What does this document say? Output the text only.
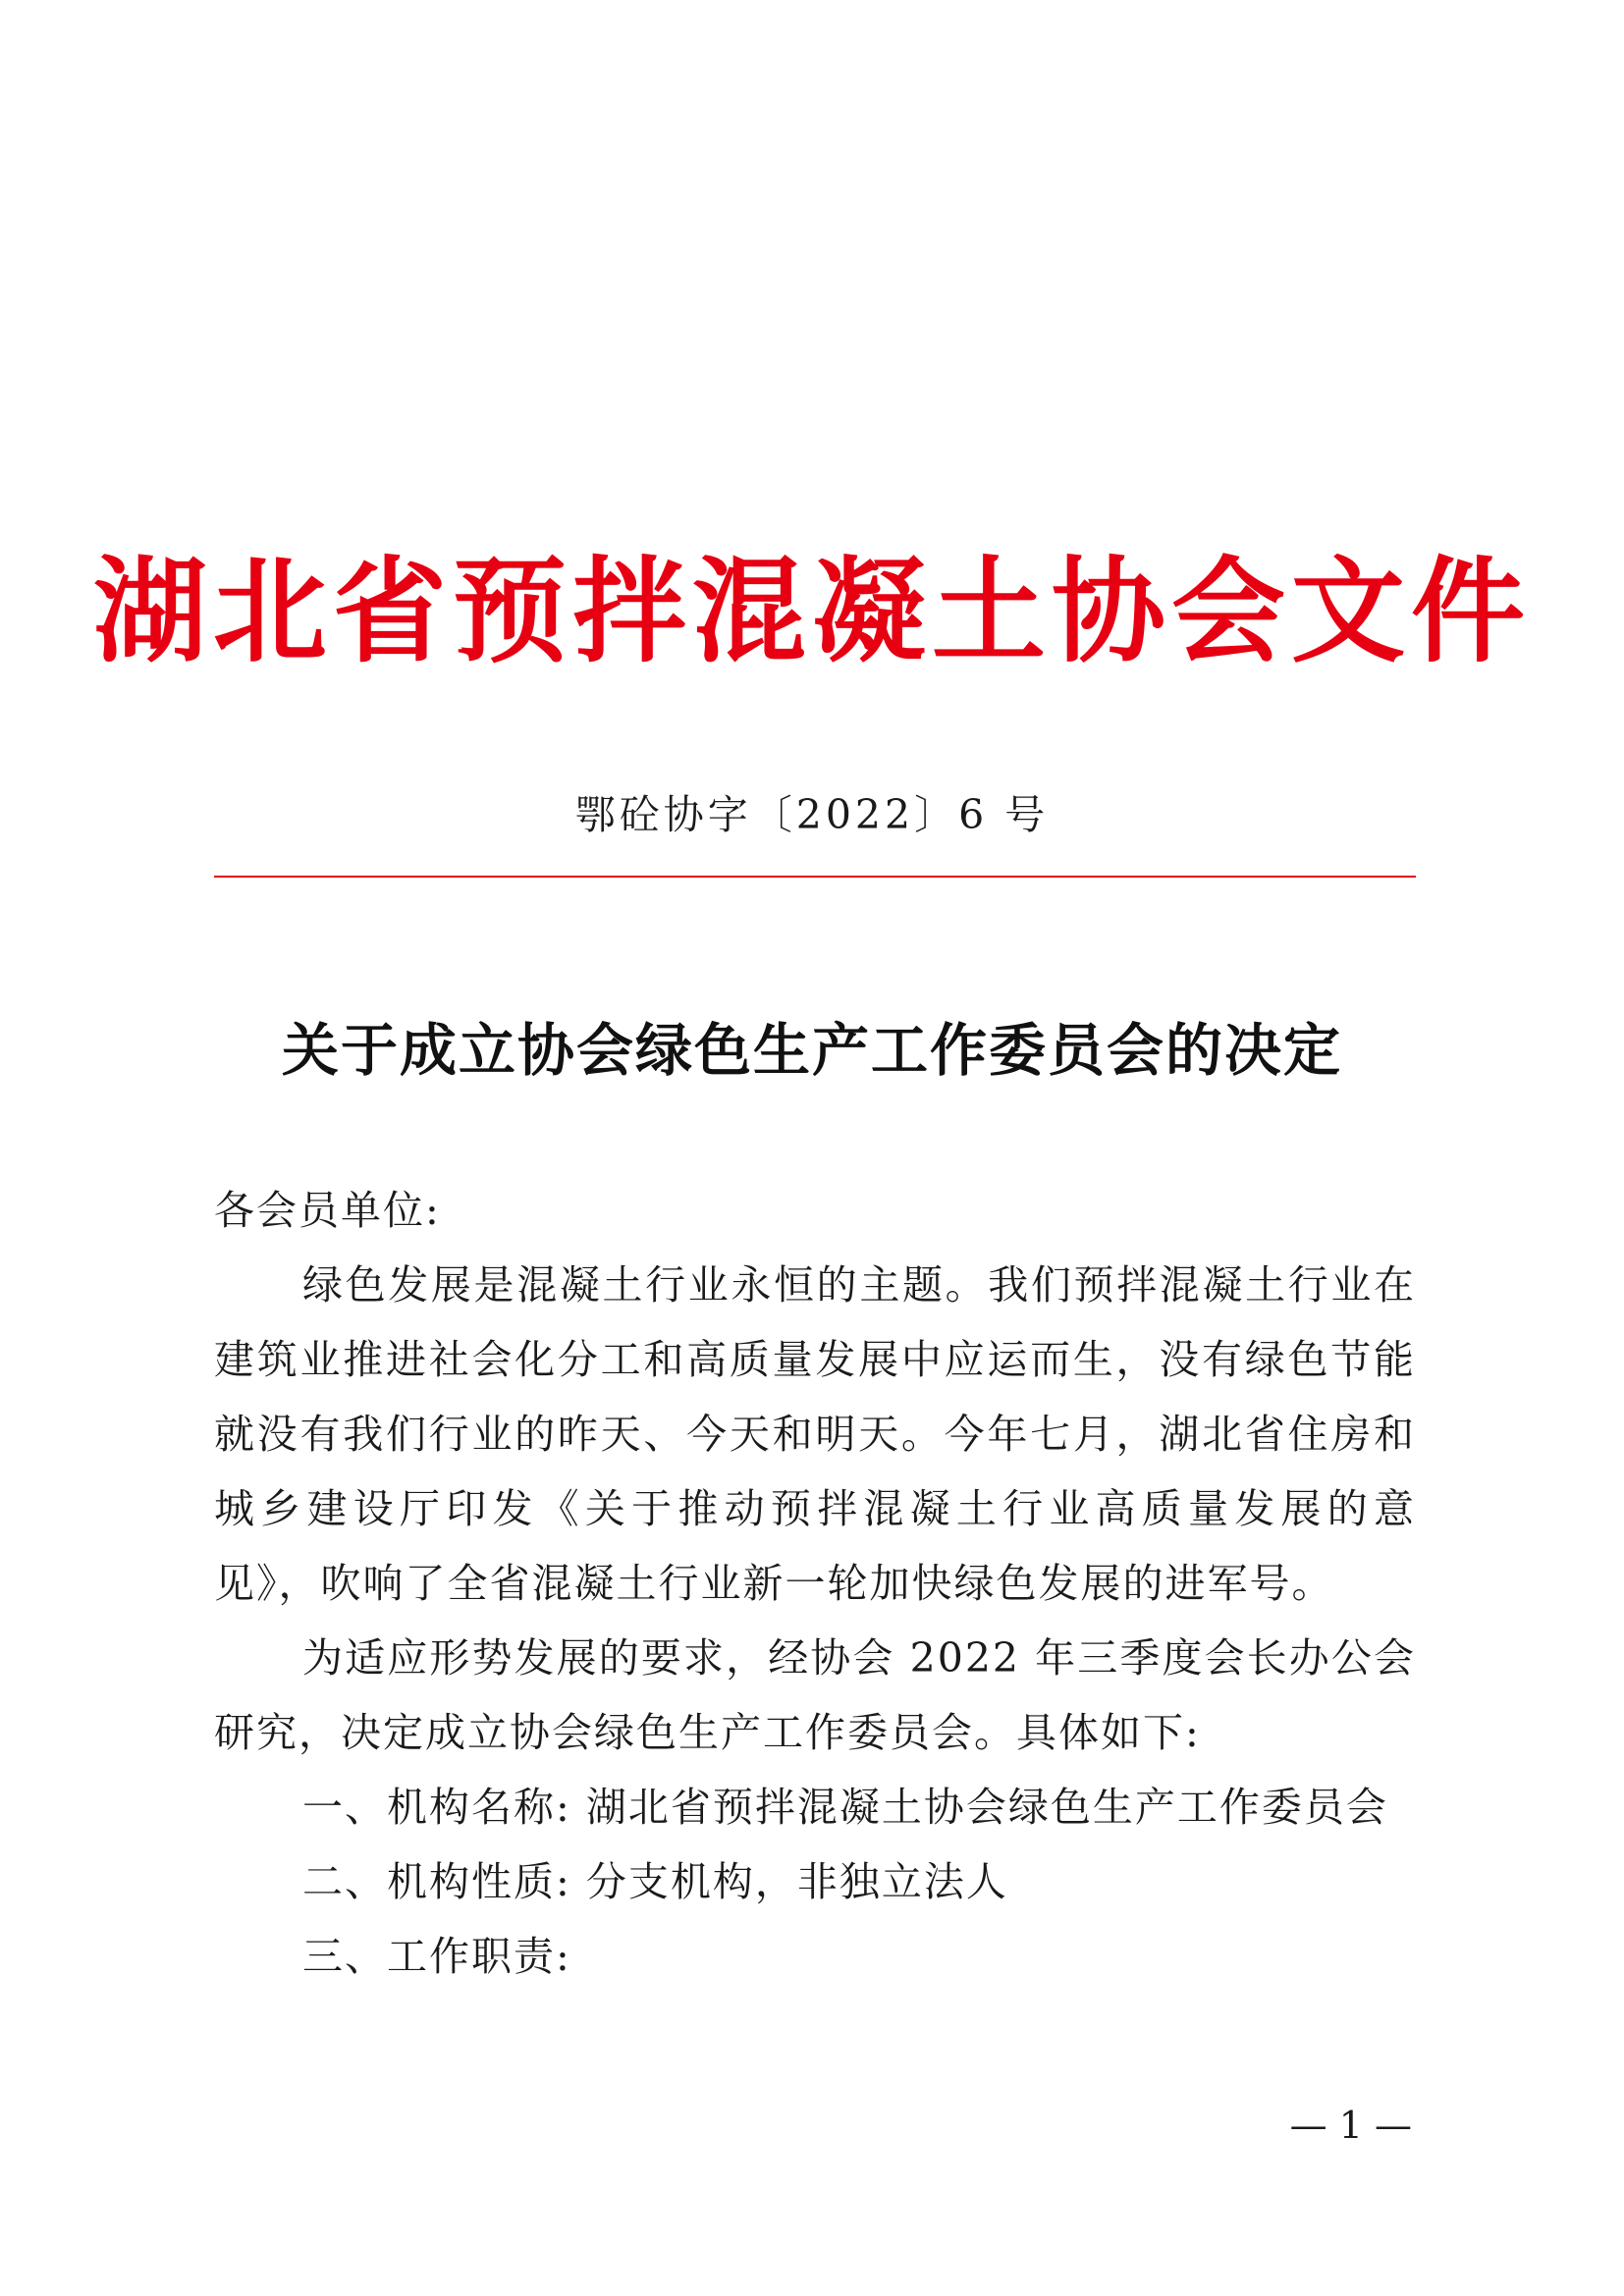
湖北省预拌混凝土协会文件
鄂砼协字〔2022〕6 号
关于成立协会绿色生产工作委员会的决定

各会员单位:

绿色发展是混凝土行业永恒的主题。我们预拌混凝土行业在建筑业推进社会化分工和高质量发展中应运而生，没有绿色节能就没有我们行业的昨天、今天和明天。今年七月，湖北省住房和城乡建设厅印发《关于推动预拌混凝土行业高质量发展的意见》，吹响了全省混凝土行业新一轮加快绿色发展的进军号。

为适应形势发展的要求，经协会 2022 年三季度会长办公会研究，决定成立协会绿色生产工作委员会。具体如下:

一、机构名称: 湖北省预拌混凝土协会绿色生产工作委员会

二、机构性质: 分支机构，非独立法人

三、工作职责:

— 1 —
